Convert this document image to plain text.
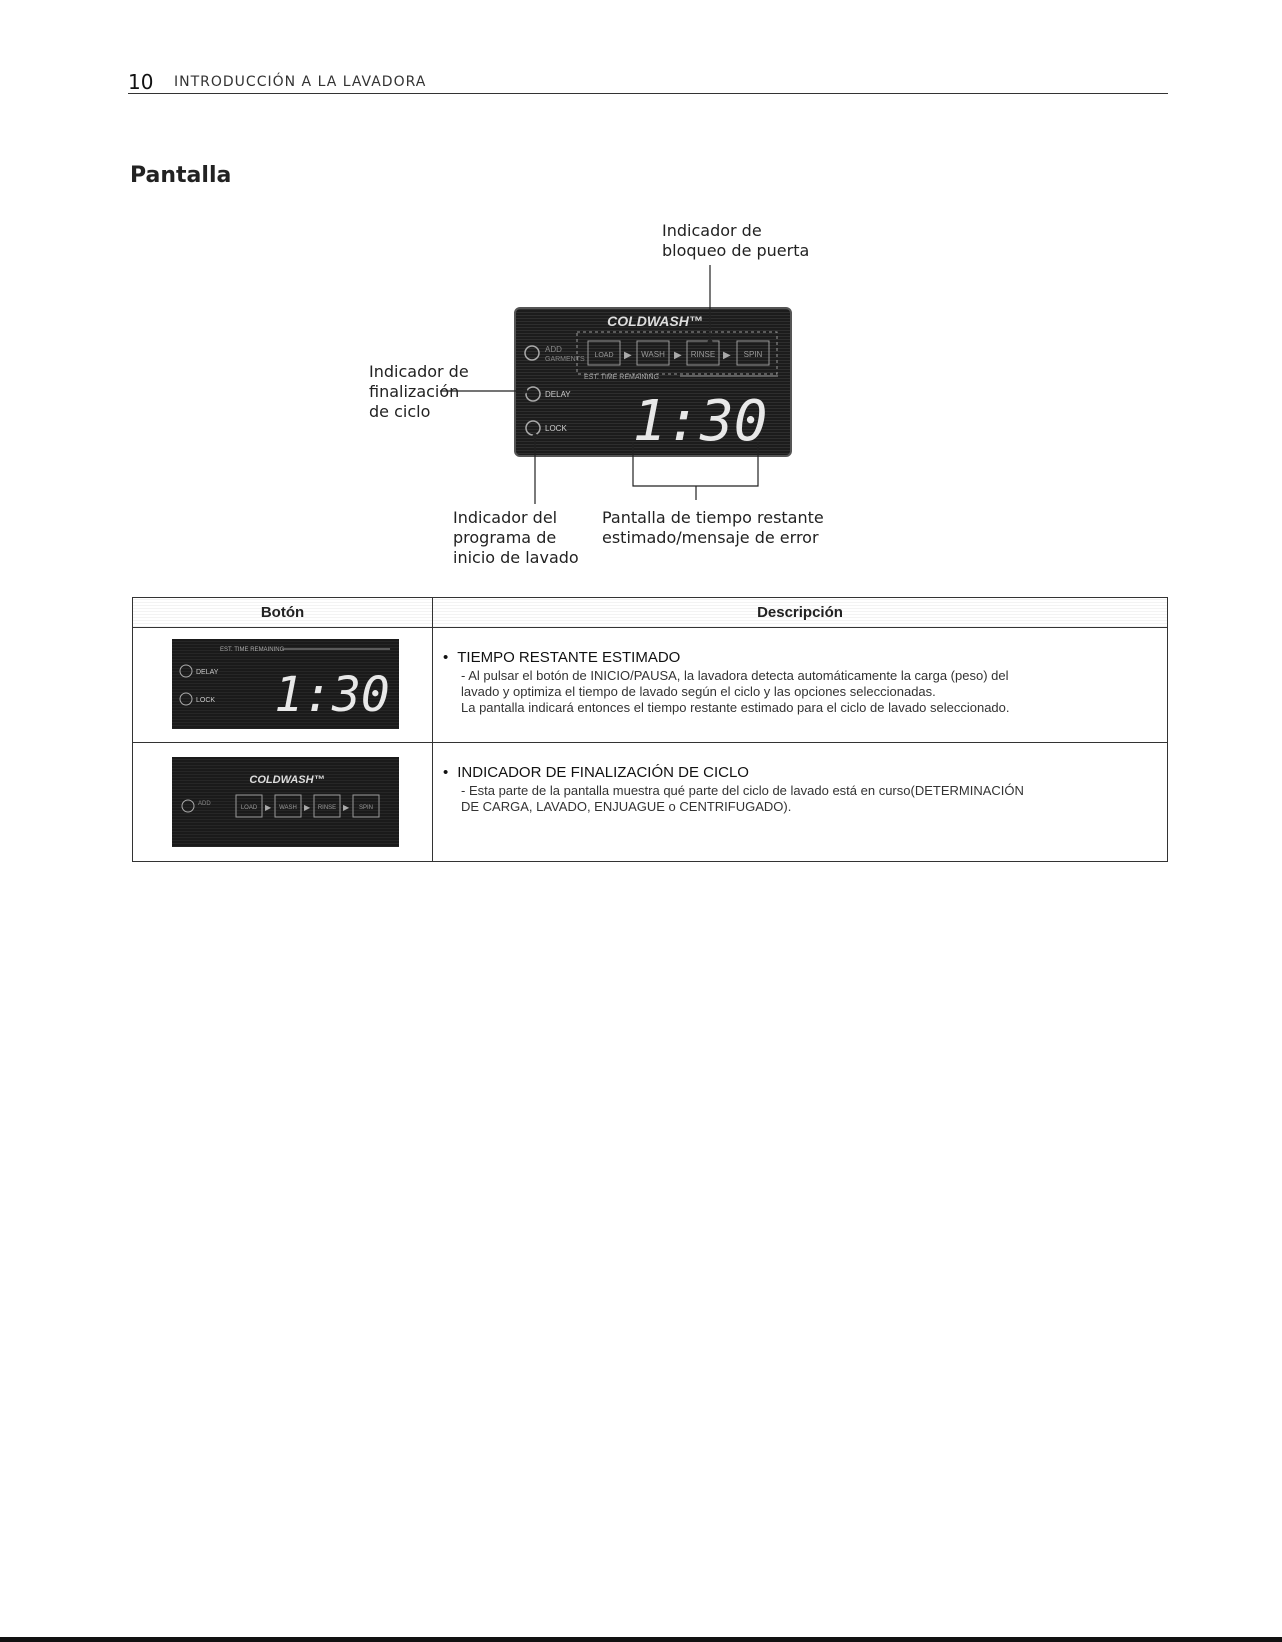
10 INTRODUCCIÓN A LA LAVADORA
Pantalla
Indicador de
bloqueo de puerta
Indicador de
finalización
de ciclo
Indicador del
programa de
inicio de lavado
Pantalla de tiempo restante
estimado/mensaje de error
COLDWASH™
ADD
GARMENTS
LOAD	▶
WASH
▶	RINSE ▶ SPIN
EST. TIME REMAINING
DELAY
LOCK 1:30
Botón	Descripción
EST. TIME REMAINING
DELAY
LOCK 1:30
• TIEMPO RESTANTE ESTIMADO
- Al pulsar el botón de INICIO/PAUSA, la lavadora detecta automáticamente la carga (peso) del
lavado y optimiza el tiempo de lavado según el ciclo y las opciones seleccionadas.
La pantalla indicará entonces el tiempo restante estimado para el ciclo de lavado seleccionado.
COLDWASH™
ADD
LOAD ▶ WASH ▶ RINSE ▶ SPIN
• INDICADOR DE FINALIZACIÓN DE CICLO
- Esta parte de la pantalla muestra qué parte del ciclo de lavado está en curso(DETERMINACIÓN
DE CARGA, LAVADO, ENJUAGUE o CENTRIFUGADO).
